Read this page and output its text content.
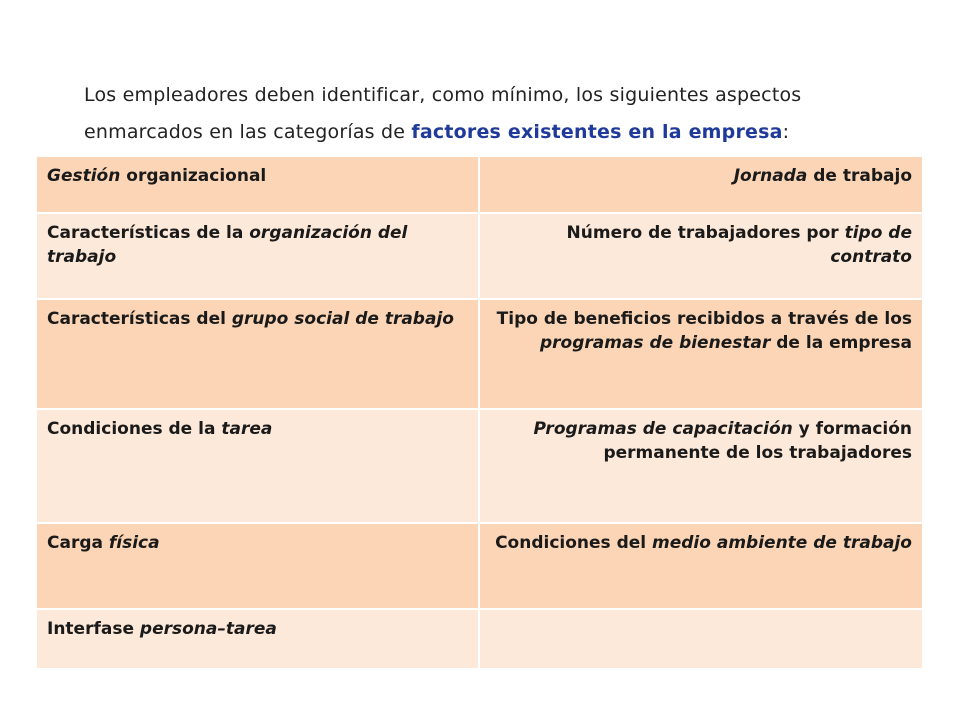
Los empleadores deben identificar, como mínimo, los siguientes aspectos enmarcados en las categorías de factores existentes en la empresa:

Gestión organizacional	Jornada de trabajo
Características de la organización del trabajo	Número de trabajadores por tipo de contrato
Características del grupo social de trabajo	Tipo de beneficios recibidos a través de los programas de bienestar de la empresa
Condiciones de la tarea	Programas de capacitación y formación permanente de los trabajadores
Carga física	Condiciones del medio ambiente de trabajo
Interfase persona–tarea	
